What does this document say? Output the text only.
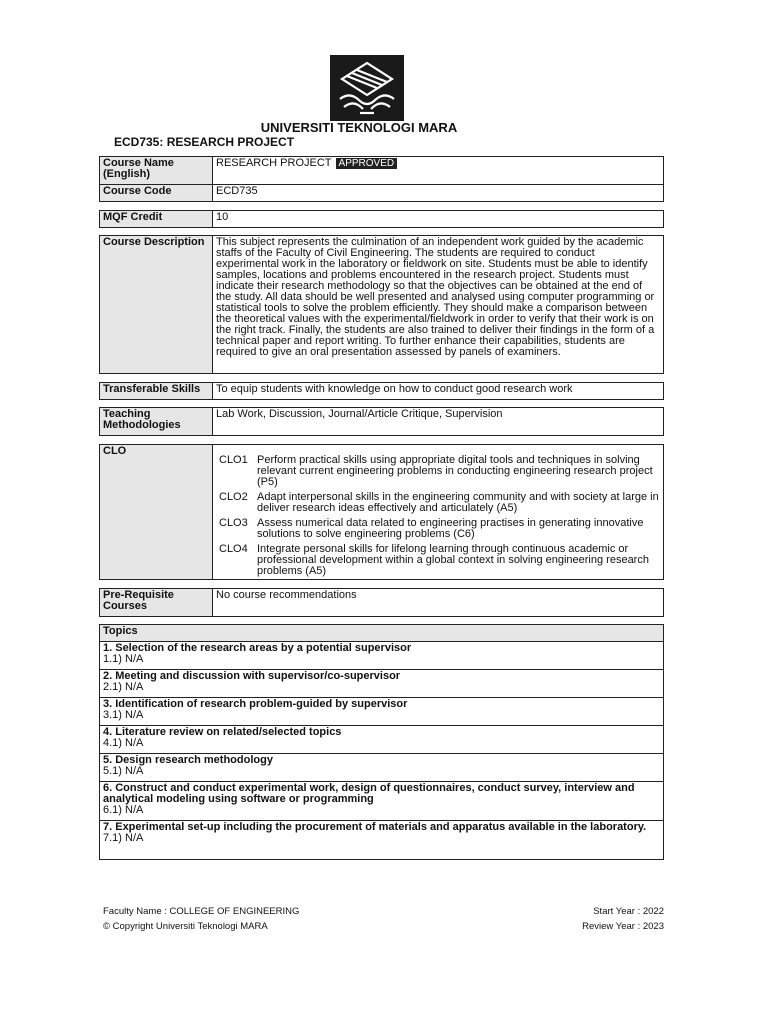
UNIVERSITI TEKNOLOGI MARA
ECD735: RESEARCH PROJECT
Course Name (English)	RESEARCH PROJECT APPROVED
Course Code	ECD735
MQF Credit	10
Course Description	This subject represents the culmination of an independent work guided by the academic staffs of the Faculty of Civil Engineering. The students are required to conduct experimental work in the laboratory or fieldwork on site. Students must be able to identify samples, locations and problems encountered in the research project. Students must indicate their research methodology so that the objectives can be obtained at the end of the study. All data should be well presented and analysed using computer programming or statistical tools to solve the problem efficiently. They should make a comparison between the theoretical values with the experimental/fieldwork in order to verify that their work is on the right track. Finally, the students are also trained to deliver their findings in the form of a technical paper and report writing. To further enhance their capabilities, students are required to give an oral presentation assessed by panels of examiners.
Transferable Skills	To equip students with knowledge on how to conduct good research work
Teaching Methodologies	Lab Work, Discussion, Journal/Article Critique, Supervision
CLO	
CLO1 Perform practical skills using appropriate digital tools and techniques in solving relevant current engineering problems in conducting engineering research project (P5)
CLO2 Adapt interpersonal skills in the engineering community and with society at large in deliver research ideas effectively and articulately (A5)
CLO3 Assess numerical data related to engineering practises in generating innovative solutions to solve engineering problems (C6)
CLO4 Integrate personal skills for lifelong learning through continuous academic or professional development within a global context in solving engineering research problems (A5)
Pre-Requisite Courses	No course recommendations
Topics

1. Selection of the research areas by a potential supervisor
1.1) N/A

2. Meeting and discussion with supervisor/co-supervisor
2.1) N/A

3. Identification of research problem-guided by supervisor
3.1) N/A

4. Literature review on related/selected topics
4.1) N/A

5. Design research methodology
5.1) N/A

6. Construct and conduct experimental work, design of questionnaires, conduct survey, interview and analytical modeling using software or programming
6.1) N/A

7. Experimental set-up including the procurement of materials and apparatus available in the laboratory.
7.1) N/A
Faculty Name : COLLEGE OF ENGINEERING
© Copyright Universiti Teknologi MARA
Start Year : 2022
Review Year : 2023
